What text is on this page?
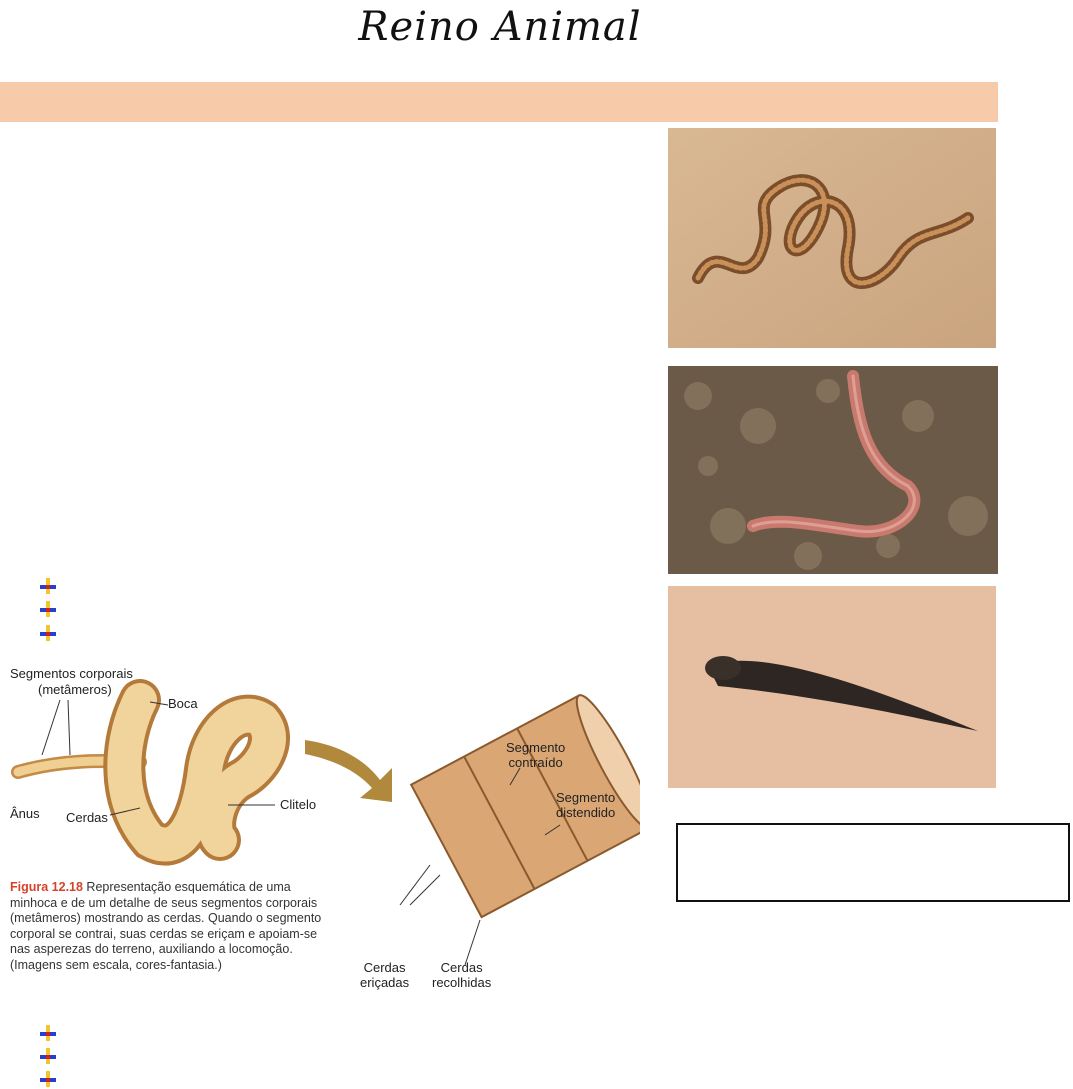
Reino Animal
Segmentos corporais
(metâmeros)
Boca
Ânus Cerdas
Clitelo
Segmento
contraído
Segmento
distendido
Cerdas
eriçadas
Cerdas
recolhidas
Figura 12.18 Representação esquemática de uma minhoca e de um detalhe de seus segmentos corporais (metâmeros) mostrando as cerdas. Quando o segmento corporal se contrai, suas cerdas se eriçam e apoiam-se nas asperezas do terreno, auxiliando a locomoção. (Imagens sem escala, cores-fantasia.)
